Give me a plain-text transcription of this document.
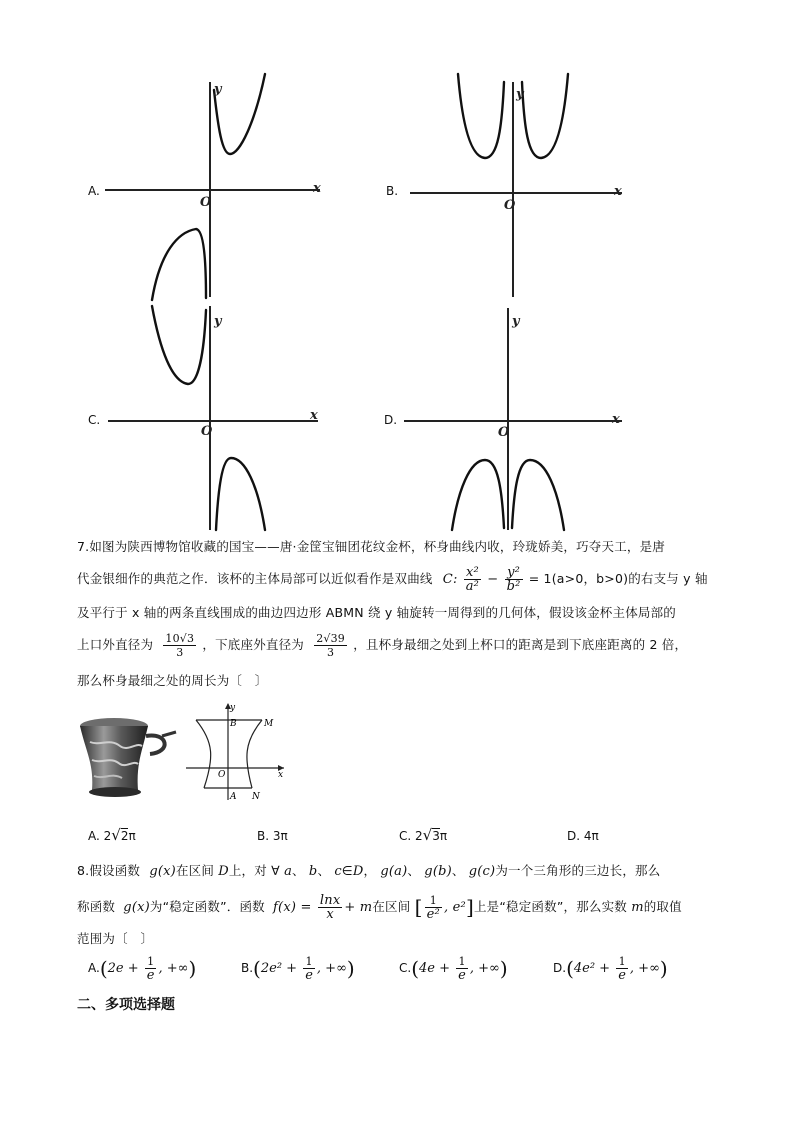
A.
y
x
O
B.
y
x
O
C.
y
x
O
D.
y
x
O
7.如图为陕西博物馆收藏的国宝——唐·金筐宝钿团花纹金杯，杯身曲线内收，玲珑娇美，巧夺天工，是唐
代金银细作的典范之作．该杯的主体局部可以近似看作是双曲线 C: $\frac{\text{x²}}{\text{a²}} - \frac{\text{y²}}{\text{b²}} = 1(a>0$，b>0)的右支与 y 轴
及平行于 x 轴的两条直线围成的曲边四边形 ABMN 绕 y 轴旋转一周得到的几何体，假设该金杯主体局部的
上口外直径为 $\frac{10√3}{3}$ ，下底座外直径为 $\frac{2√39}{3}$ ，且杯身最细之处到上杯口的距离是到下底座距离的 2 倍，
那么杯身最细之处的周长为〔　〕
y
B	M
O	x
A N
A. 2√2π	B. 3π	C. 2√3π	D. 4π
8.假设函数 g(x)在区间 D上，对 ∀ a、 b、 c∈D， g(a)、 g(b)、 g(c)为一个三角形的三边长，那么
称函数 g(x)为“稳定函数”．函数 $f(x) = \frac{\ln x}{x} + m$在区间 [ $\frac{1}{\text{e²}}$ , e²]上是“稳定函数”，那么实数 m的取值
范围为〔　〕
$A.(2e + \frac{1}{e}$ , +∞)	$B.(2e^2 + \frac{1}{e}$ , +∞)	$C.(4e + \frac{1}{e}$ , +∞)	$D.(4e^2 + \frac{1}{e}$ , +∞)
二、多项选择题
